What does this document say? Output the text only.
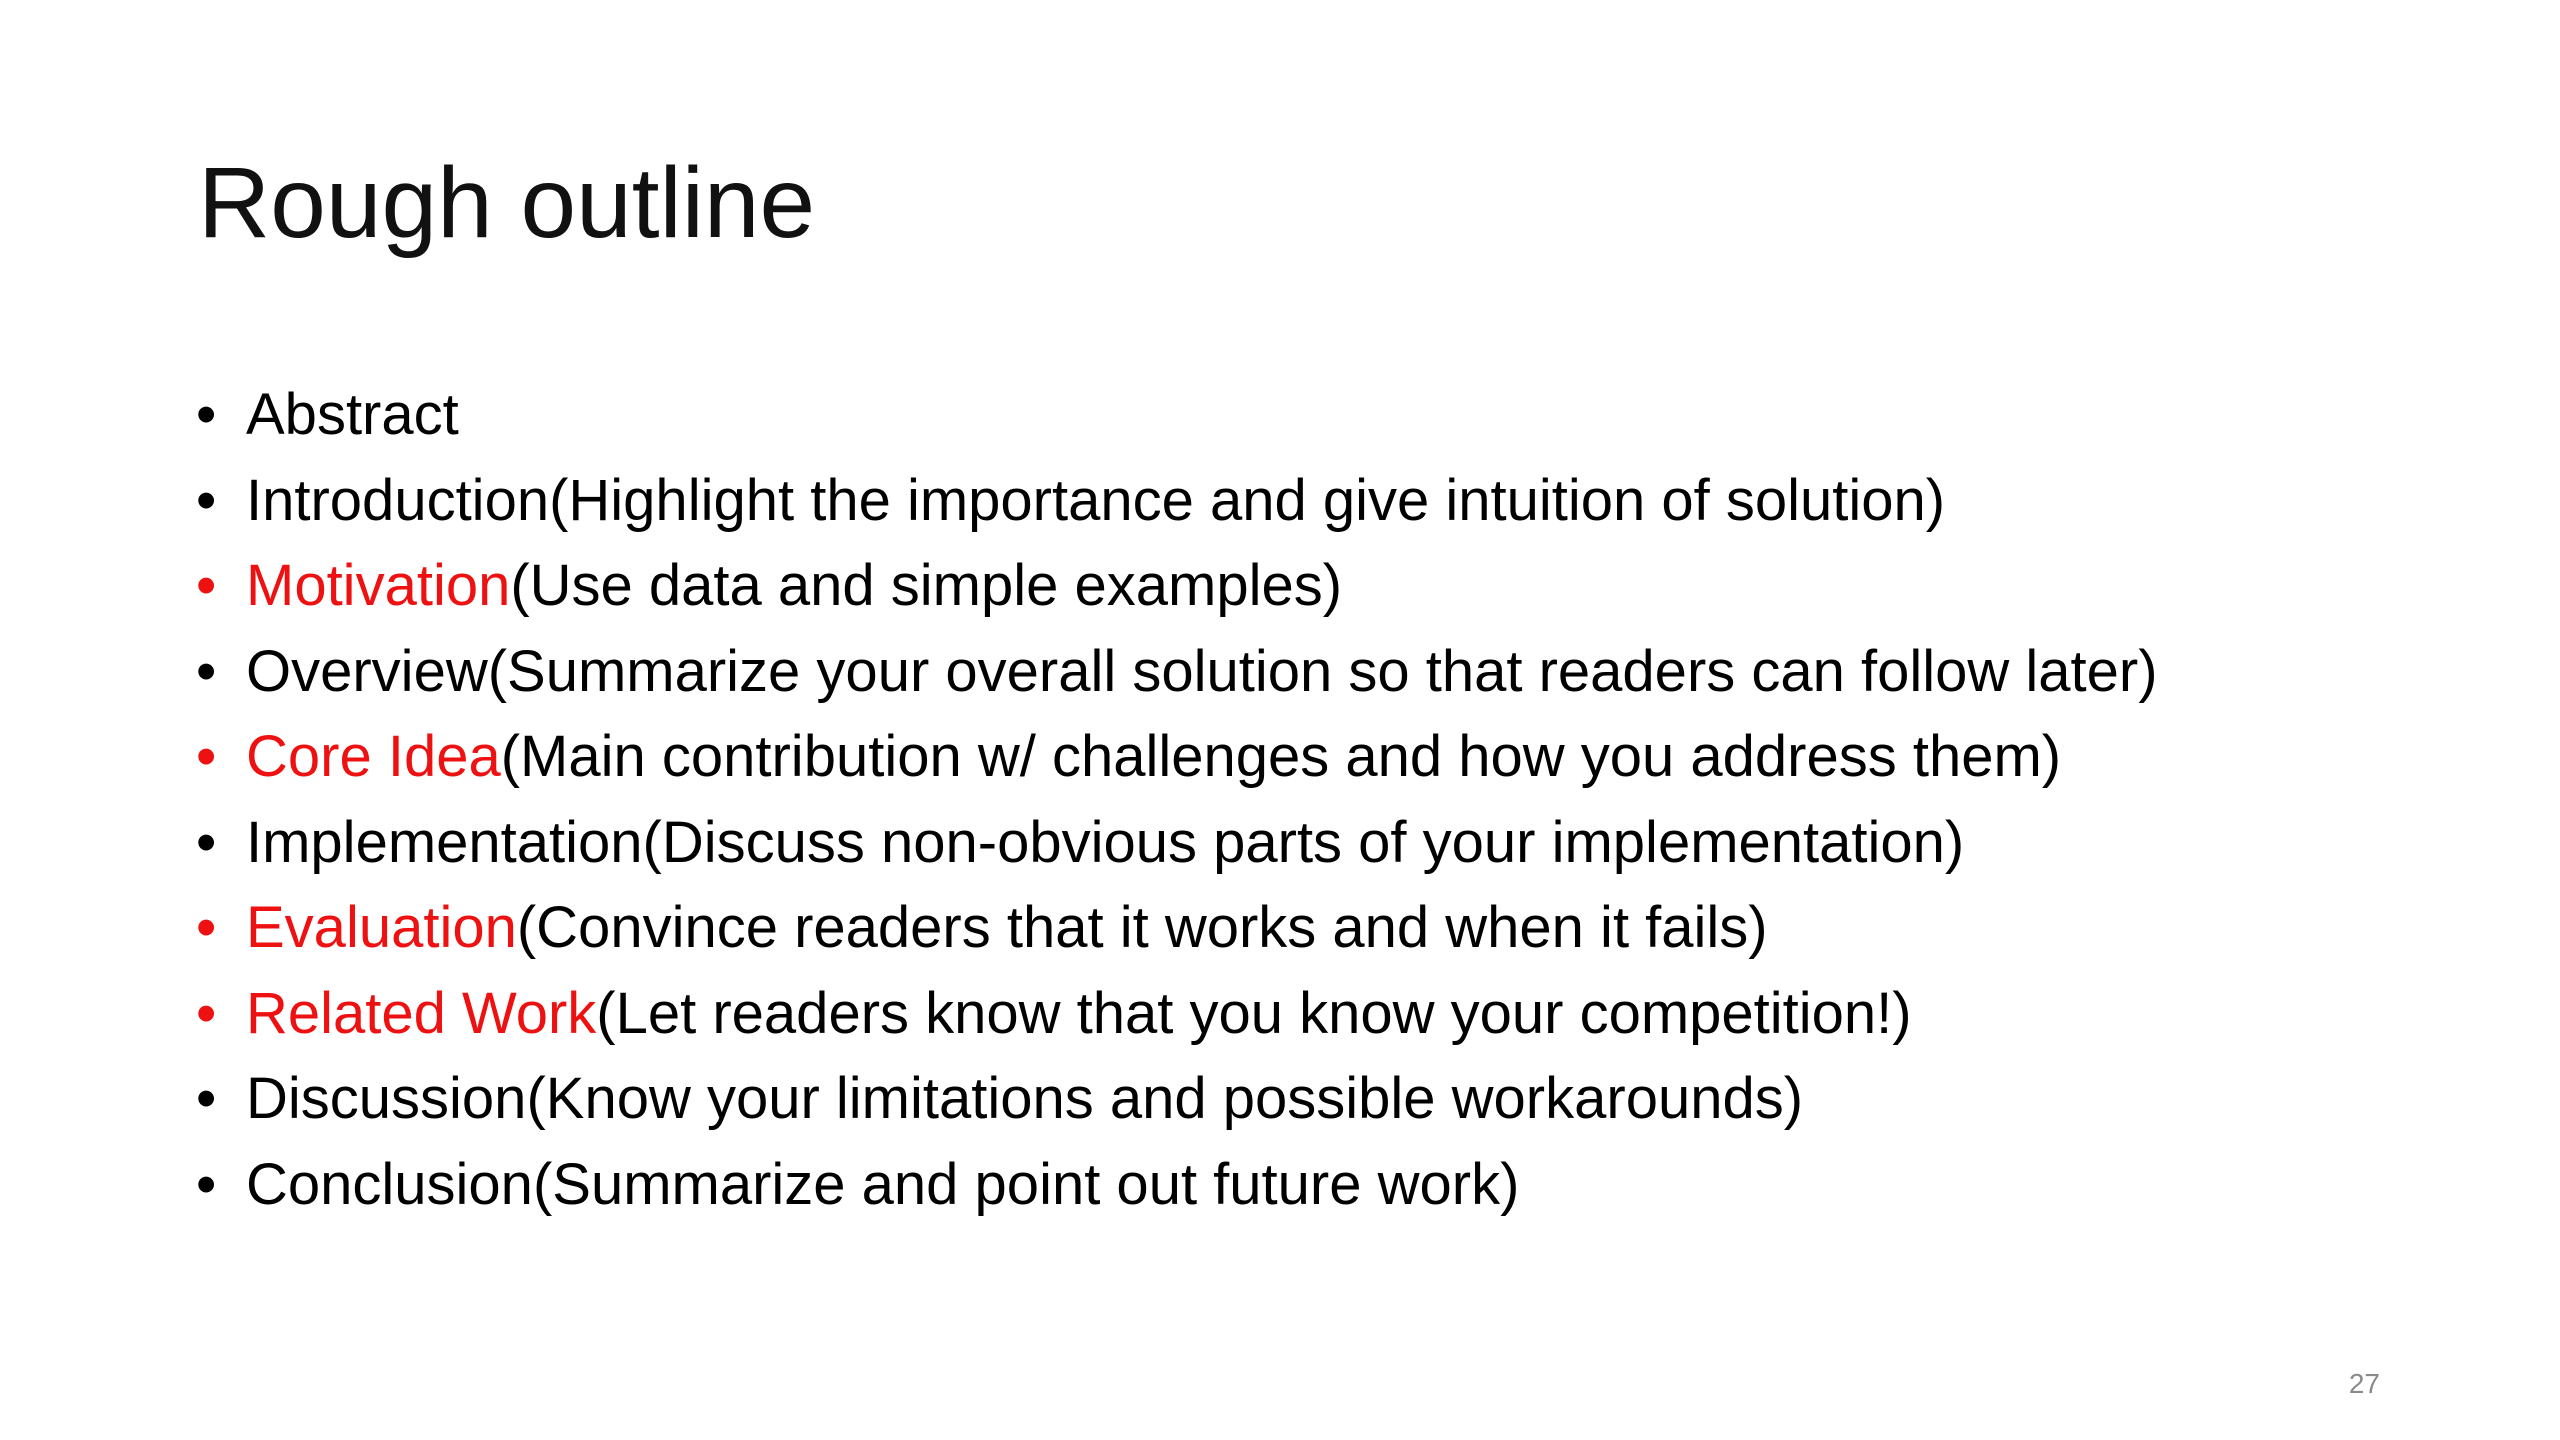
Rough outline
• Abstract
• Introduction (Highlight the importance and give intuition of solution)
• Motivation (Use data and simple examples)
• Overview (Summarize your overall solution so that readers can follow later)
• Core Idea (Main contribution w/ challenges and how you address them)
• Implementation (Discuss non-obvious parts of your implementation)
• Evaluation (Convince readers that it works and when it fails)
• Related Work (Let readers know that you know your competition!)
• Discussion (Know your limitations and possible workarounds)
• Conclusion (Summarize and point out future work)
27
